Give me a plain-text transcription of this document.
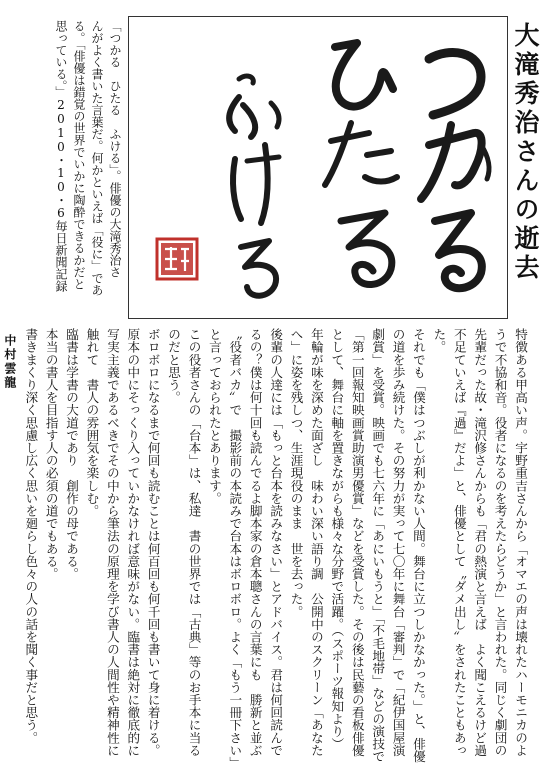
大滝秀治さんの逝去
「つかる　ひたる　ふける」。俳優の大滝秀治さ
んがよく書いた言葉だ。何かといえば「役に」であ
る。「俳優は錯覚の世界でいかに陶酔できるかだと
思っている。」2010・10・6毎日新聞記録

特徴ある甲高い声。宇野重吉さんから「オマエの声は壊れたハーモニカのようで不協和音。役者になるのを考えたらどうか」と言われた。同じく劇団の先輩だった故・滝沢修さんからも「君の熱演と言えば　よく聞こえるけど過不足ていえば『過』だよ」と、俳優として〝ダメ出し〟をされたこともあった。

それでも「僕はつぶしが利かない人間。舞台に立つしかなかった。」と、俳優の道を歩み続けた。その努力が実って七〇年に舞台「審判」で「紀伊国屋演劇賞」を受賞。映画でも七六年に「あにいもうと」「不毛地帯」などの演技で「第一回報知映画賞助演男優賞」などを受賞した。その後は民藝の看板俳優として、舞台に軸を置きながらも様々な分野で活躍。（スポーツ報知より）

年輪が味を深めた面ざし　味わい深い語り調　公開中のスクリーン「あなたへ」に姿を残しつ、生涯現役のまま　世を去った。

後輩の人達には「もっと台本を読みなさい」とアドバイス。君は何回読んでるの？僕は何十回も読んでるよ脚本家の倉本聰さんの言葉にも　勝新と並ぶ〝役者バカ〟で　撮影前の本読みで台本はボロボロ。よく「もう一冊下さい」と言っておられたとあります。

この役者さんの「台本」は、私達　書の世界では「古典」等のお手本に当るのだと思う。

ボロボロになるまで何回も読むことは何百回も何千回も書いて身に着ける。原本の中にそっくり入っていかなければ意味がない。臨書は絶対に徹底的に写実主義であるべきでその中から筆法の原理を学び書人の人間性や精神性に触れて　書人の雰囲気を楽しむ。

臨書は学書の大道であり　創作の母である。

本当の書人を目指す人の必須の道でもある。

書きまくり深く思慮し広く思いを廻らし色々の人の話を聞く事だと思う。

中村雲龍
